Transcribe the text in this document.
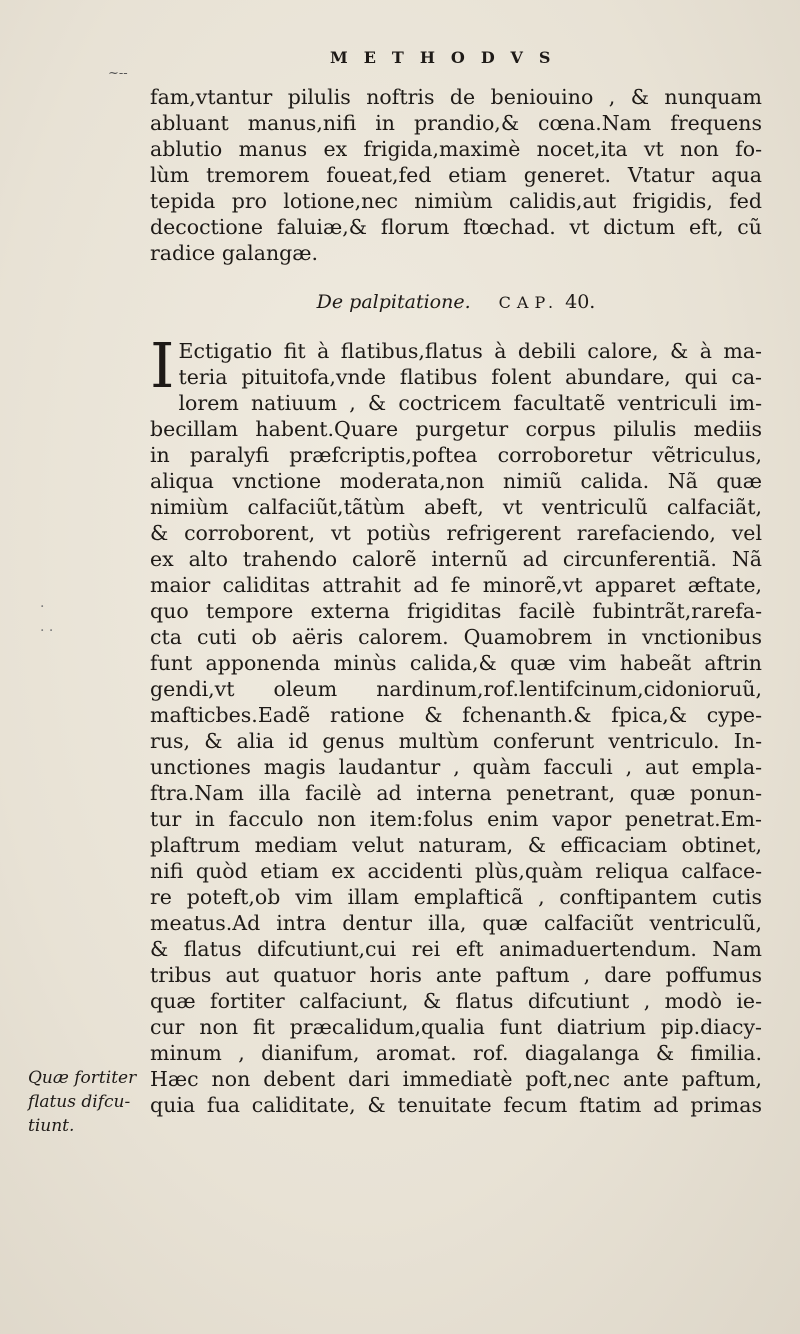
METHODVS
~--
fam,vtantur pilulis noftris de beniouino , & nunquam
abluant manus,nifi in prandio,& cœna.Nam frequens
ablutio manus ex frigida,maximè nocet,ita vt non fo-
lùm tremorem foueat,fed etiam generet. Vtatur aqua
tepida pro lotione,nec nimiùm calidis,aut frigidis, fed
decoctione faluiæ,& florum ftœchad. vt dictum eft, cũ
radice galangæ.
De palpitatione. CAP. 40.
I Ectigatio fit à flatibus,flatus à debili calore, & à ma-
teria pituitofa,vnde flatibus folent abundare, qui ca-
lorem natiuum , & coctricem facultatẽ ventriculi im-
becillam habent.Quare purgetur corpus pilulis mediis
in paralyfi præfcriptis,poftea corroboretur vẽtriculus,
aliqua vnctione moderata,non nimiũ calida. Nã quæ
nimiùm calfaciũt,tãtùm abeft, vt ventriculũ calfaciãt,
& corroborent, vt potiùs refrigerent rarefaciendo, vel
ex alto trahendo calorẽ internũ ad circunferentiã. Nã
maior caliditas attrahit ad fe minorẽ,vt apparet æftate,
quo tempore externa frigiditas facilè fubintrãt,rarefa-
cta cuti ob aëris calorem. Quamobrem in vnctionibus
funt apponenda minùs calida,& quæ vim habeãt aftrin
gendi,vt oleum nardinum,rof.lentifcinum,cidonioruũ,
mafticbes.Eadẽ ratione & fchenanth.& fpica,& cype-
rus, & alia id genus multùm conferunt ventriculo. In-
unctiones magis laudantur , quàm facculi , aut empla-
ftra.Nam illa facilè ad interna penetrant, quæ ponun-
tur in facculo non item:folus enim vapor penetrat.Em-
plaftrum mediam velut naturam, & efficaciam obtinet,
nifi quòd etiam ex accidenti plùs,quàm reliqua calface-
re poteft,ob vim illam emplafticã , conftipantem cutis
meatus.Ad intra dentur illa, quæ calfaciũt ventriculũ,
& flatus difcutiunt,cui rei eft animaduertendum. Nam
tribus aut quatuor horis ante paftum , dare poffumus
quæ fortiter calfaciunt, & flatus difcutiunt , modò ie-
cur non fit præcalidum,qualia funt diatrium pip.diacy-
minum , dianifum, aromat. rof. diagalanga & fimilia.
Hæc non debent dari immediatè poft,nec ante paftum,
quia fua caliditate, & tenuitate fecum ftatim ad primas
Quæ fortiter
flatus difcu-
tiunt.
·
· ·
